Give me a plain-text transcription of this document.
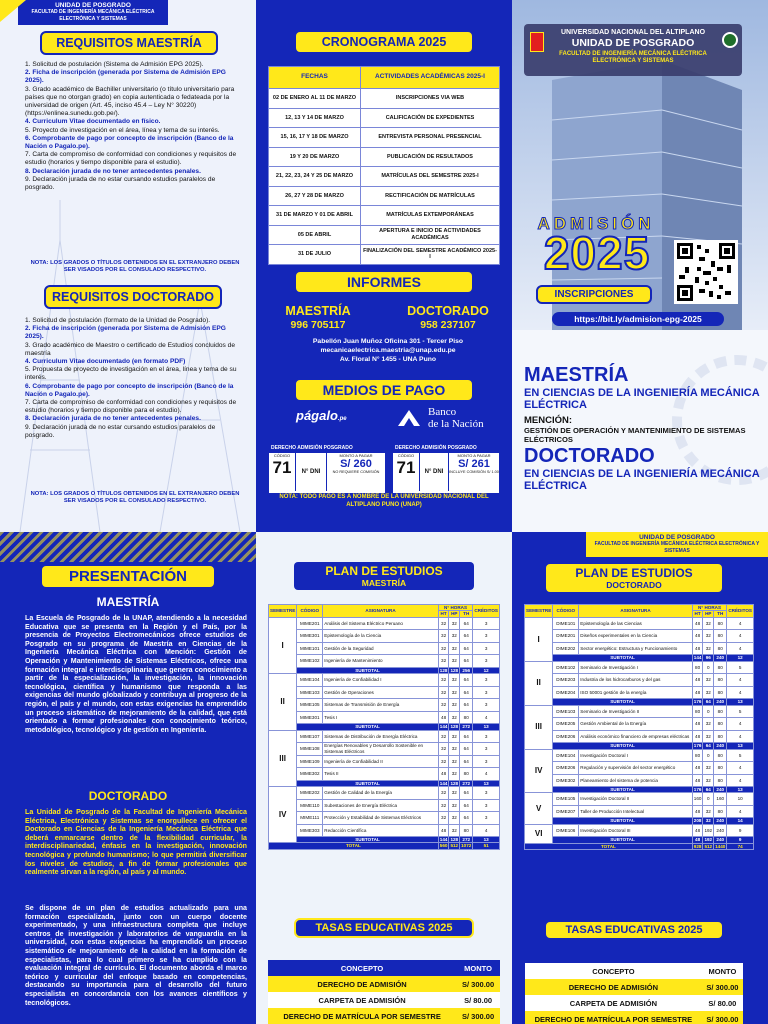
UNIDAD DE POSGRADO
FACULTAD DE INGENIERÍA MECÁNICA ELÉCTRICA ELECTRÓNICA Y SISTEMAS
REQUISITOS MAESTRÍA

1. Solicitud de postulación (Sistema de Admisión EPG 2025).

2. Ficha de inscripción (generada por Sistema de Admisión EPG 2025).

3. Grado académico de Bachiller universitario (o título universitario para países que no otorgan grado) en copia autenticada o fedateada por la universidad de origen (Art. 45, inciso 45.4 – Ley N° 30220) (https://enlinea.sunedu.gob.pe/).

4. Curriculum Vitae documentado en físico.

5. Proyecto de investigación en el área, línea y tema de su interés.

6. Comprobante de pago por concepto de inscripción (Banco de la Nación o Pagalo.pe).

7. Carta de compromiso de conformidad con condiciones y requisitos de estudio (horarios y tiempo disponible para el estudio).

8. Declaración jurada de no tener antecedentes penales.

9. Declaración jurada de no estar cursando estudios paralelos de posgrado.

NOTA: LOS GRADOS O TÍTULOS OBTENIDOS EN EL EXTRANJERO DEBEN SER VISADOS POR EL CONSULADO RESPECTIVO.
REQUISITOS DOCTORADO

1. Solicitud de postulación (formato de la Unidad de Posgrado).

2. Ficha de inscripción (generada por Sistema de Admisión EPG 2025).

3. Grado académico de Maestro o certificado de Estudios concluidos de maestría

4. Curriculum Vitae documentado (en formato PDF)

5. Propuesta de proyecto de investigación en el área, línea y tema de su interés.

6. Comprobante de pago por concepto de inscripción (Banco de la Nación o Pagalo.pe).

7. Carta de compromiso de conformidad con condiciones y requisitos de estudio (horarios y tiempo disponible para el estudio).

8. Declaración jurada de no tener antecedentes penales.

9. Declaración jurada de no estar cursando estudios paralelos de posgrado.

NOTA: LOS GRADOS O TÍTULOS OBTENIDOS EN EL EXTRANJERO DEBEN SER VISADOS POR EL CONSULADO RESPECTIVO.
CRONOGRAMA 2025
FECHAS	ACTIVIDADES ACADÉMICAS 2025-I
02 DE ENERO AL 11 DE MARZO	INSCRIPCIONES VIA WEB
12, 13 Y 14 DE MARZO	CALIFICACIÓN DE EXPEDIENTES
15, 16, 17 Y 18 DE MARZO	ENTREVISTA PERSONAL PRESENCIAL
19 Y 20 DE MARZO	PUBLICACIÓN DE RESULTADOS
21, 22, 23, 24 Y 25 DE MARZO	MATRÍCULAS DEL SEMESTRE 2025-I
26, 27 Y 28 DE MARZO	RECTIFICACIÓN DE MATRÍCULAS
31 DE MARZO Y 01 DE ABRIL	MATRÍCULAS EXTEMPORÁNEAS
05 DE ABRIL	APERTURA E INICIO DE ACTIVIDADES ACADÉMICAS
31 DE JULIO	FINALIZACIÓN DEL SEMESTRE ACADÉMICO 2025-I
INFORMES
MAESTRÍA	DOCTORADO
996 705117	958 237107
Pabellón Juan Muñoz Oficina 301 - Tercer Piso
mecanicaelectrica.maestria@unap.edu.pe
Av. Floral N° 1455 - UNA Puno
MEDIOS DE PAGO
págalo.pe
Banco
de la Nación
DERECHO ADMISIÓN POSGRADO
CÓDIGO
71	N° DNI
MONTO A PAGAR
S/ 260
NO REQUIERE COMISIÓN
DERECHO ADMISIÓN POSGRADO
CÓDIGO
71	N° DNI
MONTO A PAGAR
S/ 261
INCLUYE COMISIÓN S/ 1.00
NOTA: TODO PAGO ES A NOMBRE DE LA UNIVERSIDAD NACIONAL DEL ALTIPLANO PUNO (UNAP)
UNIVERSIDAD NACIONAL DEL ALTIPLANO
UNIDAD DE POSGRADO
FACULTAD DE INGENIERÍA MECÁNICA ELÉCTRICA ELECTRÓNICA Y SISTEMAS
ADMISIÓN
2025
INSCRIPCIONES
https://bit.ly/admision-epg-2025
MAESTRÍA
EN CIENCIAS DE LA INGENIERÍA MECÁNICA ELÉCTRICA
MENCIÓN:
GESTIÓN DE OPERACIÓN Y MANTENIMIENTO DE SISTEMAS ELÉCTRICOS
DOCTORADO
EN CIENCIAS DE LA INGENIERÍA MECÁNICA ELÉCTRICA
PRESENTACIÓN
MAESTRÍA
La Escuela de Posgrado de la UNAP, atendiendo a la necesidad Educativa que se presenta en la Región y el País, por la presencia de Proyectos Electromecánicos ofrece estudios de Posgrado en su programa de Maestría en Ciencias de la Ingeniería Mecánica Eléctrica con Mención: Gestión de Operación y Mantenimiento de Sistemas Eléctricos, ofrece una formación integral e interdisciplinaria que genera conocimiento a partir de la especialización, la investigación, la innovación tecnológica, científica y humanismo que responda a las exigencias del mundo globalizado y contribuya al progreso de la región, el país y el mundo, con estas exigencias ha emprendido un proceso sistemático de mejoramiento de la calidad, que está orientado a formar profesionales con conocimiento teórico, metodológico, tecnológico y de gestión en Ingeniería.
DOCTORADO
La Unidad de Posgrado de la Facultad de Ingeniería Mecánica Eléctrica, Electrónica y Sistemas se enorgullece en ofrecer el Doctorado en Ciencias de la Ingeniería Mecánica Eléctrica que deberá enmarcarse dentro de la flexibilidad curricular, la interdisciplinariedad, énfasis en la investigación, innovación tecnológica y profundo humanismo; lo que permitirá diversificar los niveles de estudios, a fin de formar profesionales que realmente sirvan a la región, al país y al mundo.
Se dispone de un plan de estudios actualizado para una formación especializada, junto con un cuerpo docente experimentado, y una infraestructura completa que incluye centros de investigación y laboratorios de vanguardia en la universidad, con estas exigencias ha emprendido un proceso sistemático de mejoramiento de la calidad en la formación de especialistas, para lo cual primero se ha cumplido con la evaluación integral de currículo. El documento aborda el marco teórico y curricular del enfoque basado en competencias, destacando su importancia para el desarrollo del futuro especialista en concordancia con los avances científicos y tecnológicos.
PLAN DE ESTUDIOS
MAESTRÍA
TASAS EDUCATIVAS 2025
SEMESTRE	CÓDIGO	ASIGNATURA	N° HORAS			CRÉDITOS
			HT	HP	TH	
I	MIME201	Análisis del Sistema Eléctrico Peruano	32	32	64	3
	MIME301	Epistemología de la Ciencia	32	32	64	3
	MIME101	Gestión de la Seguridad	32	32	64	3
	MIME102	Ingeniería de Mantenimiento	32	32	64	3
	SUBTOTAL		128	128	256	12
II	MIME104	Ingeniería de Confiabilidad I	32	32	64	3
	MIME103	Gestión de Operaciones	32	32	64	3
	MIME105	Sistemas de Transmisión de Energía	32	32	64	3
	MIME301	Tesis I	48	32	80	4
	SUBTOTAL		144	128	272	13
III	MIME107	Sistemas de Distribución de Energía Eléctrica	32	32	64	3
	MIME108	Energías Renovables y Desarrollo Sostenible en Sistemas Eléctricos	32	32	64	3
	MIME109	Ingeniería de Confiabilidad II	32	32	64	3
	MIME302	Tesis II	48	32	80	4
	SUBTOTAL		144	128	272	13
IV	MIME202	Gestión de Calidad de la Energía	32	32	64	3
	MIME110	Subestaciones de Energía Eléctrica	32	32	64	3
	MIME111	Protección y Estabilidad de Sistemas Eléctricos	32	32	64	3
	MIME303	Redacción Científica	48	32	80	4
	SUBTOTAL		144	128	272	13
TOTAL			560	512	1072	51
CONCEPTO	MONTO
DERECHO DE ADMISIÓN	S/ 300.00
CARPETA DE ADMISIÓN	S/ 80.00
DERECHO DE MATRÍCULA POR SEMESTRE	S/ 300.00
UNIDAD DE POSGRADO
FACULTAD DE INGENIERÍA MECÁNICA ELÉCTRICA ELECTRÓNICA Y SISTEMAS
PLAN DE ESTUDIOS
DOCTORADO
TASAS EDUCATIVAS 2025
SEMESTRE	CÓDIGO	ASIGNATURA	N° HORAS			CRÉDITOS
			HT	HP	TH	
I	DIME101	Epistemología de las Ciencias	48	32	80	4
	DIME201	Diseños experimentales en la Ciencia	48	32	80	4
	DIME202	Sector energético: Estructura y Funcionamiento	48	32	80	4
	SUBTOTAL		144	96	240	12
II	DIME102	Seminario de Investigación I	80	0	80	5
	DIME203	Industria de los hidrocarburos y del gas	48	32	80	4
	DIME204	ISO 50001 gestión de la energía	48	32	80	4
	SUBTOTAL		176	64	240	13
III	DIME103	Seminario de Investigación II	80	0	80	5
	DIME205	Gestión Ambiental de la Energía	48	32	80	4
	DIME206	Análisis económico financiero de empresas eléctricas	48	32	80	4
	SUBTOTAL		176	64	240	13
IV	DIME104	Investigación Doctoral I	80	0	80	5
	DIME206	Regulación y supervisión del sector energético	48	32	80	4
	DIME302	Planeamiento del sistema de potencia	48	32	80	4
	SUBTOTAL		176	64	240	13
V	DIME105	Investigación Doctoral II	160	0	160	10
	DIME207	Taller de Producción Intelectual	48	32	80	4
	SUBTOTAL		208	32	240	14
VI	DIME106	Investigación Doctoral III	48	192	240	9
	SUBTOTAL		48	192	240	9
TOTAL			928	512	1440	74
CONCEPTO	MONTO
DERECHO DE ADMISIÓN	S/ 300.00
CARPETA DE ADMISIÓN	S/ 80.00
DERECHO DE MATRÍCULA POR SEMESTRE	S/ 300.00
